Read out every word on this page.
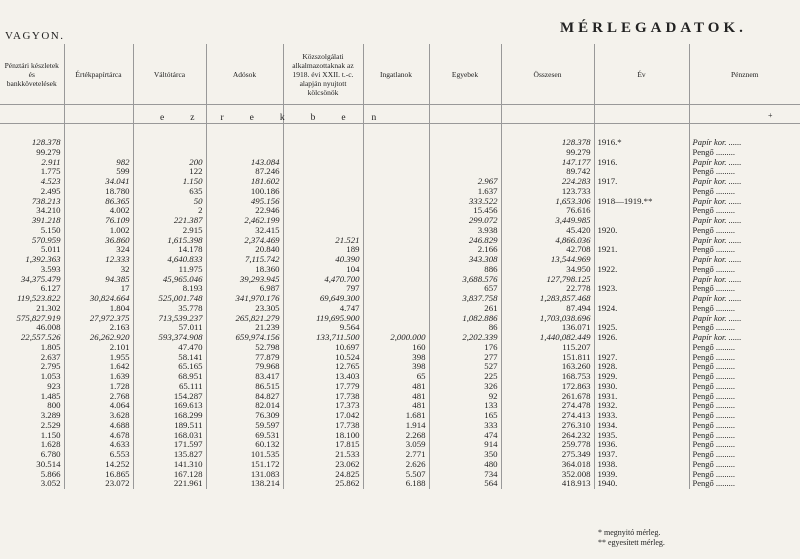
VAGYON.	MÉRLEGADATOK.
Pénztári készletek és bankkövetelések	Értékpapírtárca	Váltótárca	Adósok	Közszolgálati alkalmazottaknak az 1918. évi XXII. t.-c. alapján nyujtott kölcsönök	Ingatlanok	Egyebek	Összesen	Év	Pénznem

128.378							128.378	1916.*	Papír kor. ......
99.279							99.279		Pengő .........
2.911	982	200	143.084				147.177	1916.	Papír kor. ......
1.775	599	122	87.246				89.742		Pengő .........
4.523	34.041	1.150	181.602			2.967	224.283	1917.	Papír kor. ......
2.495	18.780	635	100.186			1.637	123.733		Pengő .........
738.213	86.365	50	495.156			333.522	1,653.306	1918—1919.**	Papír kor. ......
34.210	4.002	2	22.946			15.456	76.616		Pengő .........
391.218	76.109	221.387	2,462.199			299.072	3,449.985		Papír kor. ......
5.150	1.002	2.915	32.415			3.938	45.420	1920.	Pengő .........
570.959	36.860	1,615.398	2,374.469	21.521		246.829	4,866.036		Papír kor. ......
5.011	324	14.178	20.840	189		2.166	42.708	1921.	Pengő .........
1,392.363	12.333	4,640.833	7,115.742	40.390		343.308	13,544.969		Papír kor. ......
3.593	32	11.975	18.360	104		886	34.950	1922.	Pengő .........
34,375.479	94.385	45,965.046	39,293.945	4,470.700		3,688.576	127,798.125		Papír kor. ......
6.127	17	8.193	6.987	797		657	22.778	1923.	Pengő .........
119,523.822	30,824.664	525,001.748	341,970.176	69,649.300		3,837.758	1,283,857.468		Papír kor. ......
21.302	1.804	35.778	23.305	4.747		261	87.494	1924.	Pengő .........
575,827.919	27,972.375	713,539.237	265,821.279	119,695.900		1,082.886	1,703,038.696		Papír kor. ......
46.008	2.163	57.011	21.239	9.564		86	136.071	1925.	Pengő .........
22,557.526	26,262.920	593,374.908	659,974.156	133,711.500	2,000.000	2,202.339	1,440,082.449	1926.	Papír kor. ......
1.805	2.101	47.470	52.798	10.697	160	176	115.207		Pengő .........
2.637	1.955	58.141	77.879	10.524	398	277	151.811	1927.	Pengő .........
2.795	1.642	65.165	79.968	12.765	398	527	163.260	1928.	Pengő .........
1.053	1.639	68.951	83.417	13.403	65	225	168.753	1929.	Pengő .........
923	1.728	65.111	86.515	17.779	481	326	172.863	1930.	Pengő .........
1.485	2.768	154.287	84.827	17.738	481	92	261.678	1931.	Pengő .........
800	4.064	169.613	82.014	17.373	481	133	274.478	1932.	Pengő .........
3.289	3.628	168.299	76.309	17.042	1.681	165	274.413	1933.	Pengő .........
2.529	4.688	189.511	59.597	17.738	1.914	333	276.310	1934.	Pengő .........
1.150	4.678	168.031	69.531	18.100	2.268	474	264.232	1935.	Pengő .........
1.628	4.633	171.597	60.132	17.815	3.059	914	259.778	1936.	Pengő .........
6.780	6.553	135.827	101.535	21.533	2.771	350	275.349	1937.	Pengő .........
30.514	14.252	141.310	151.172	23.062	2.626	480	364.018	1938.	Pengő .........
5.866	16.865	167.128	131.083	24.825	5.507	734	352.008	1939.	Pengő .........
3.052	23.072	221.961	138.214	25.862	6.188	564	418.913	1940.	Pengő .........
e	z	r	e	k	b	e	n	+
* megnyitó mérleg.
** egyesített mérleg.
